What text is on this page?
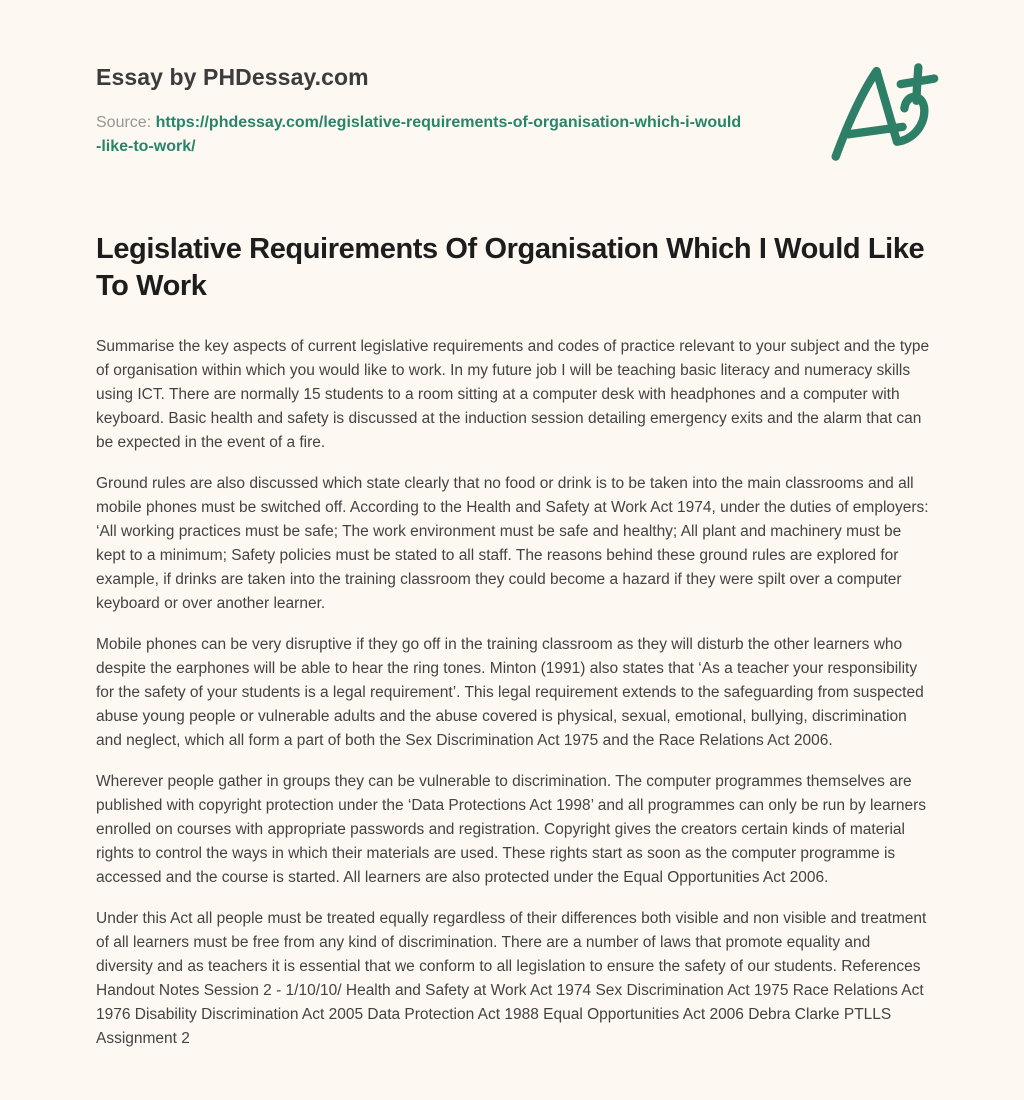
Essay by PHDessay.com

Source: https://phdessay.com/legislative-requirements-of-organisation-which-i-would-like-to-work/

Legislative Requirements Of Organisation Which I Would Like To Work

Summarise the key aspects of current legislative requirements and codes of practice relevant to your subject and the type of organisation within which you would like to work. In my future job I will be teaching basic literacy and numeracy skills using ICT. There are normally 15 students to a room sitting at a computer desk with headphones and a computer with keyboard. Basic health and safety is discussed at the induction session detailing emergency exits and the alarm that can be expected in the event of a fire.

Ground rules are also discussed which state clearly that no food or drink is to be taken into the main classrooms and all mobile phones must be switched off. According to the Health and Safety at Work Act 1974, under the duties of employers: ‘All working practices must be safe; The work environment must be safe and healthy; All plant and machinery must be kept to a minimum; Safety policies must be stated to all staff. The reasons behind these ground rules are explored for example, if drinks are taken into the training classroom they could become a hazard if they were spilt over a computer keyboard or over another learner.

Mobile phones can be very disruptive if they go off in the training classroom as they will disturb the other learners who despite the earphones will be able to hear the ring tones. Minton (1991) also states that ‘As a teacher your responsibility for the safety of your students is a legal requirement’. This legal requirement extends to the safeguarding from suspected abuse young people or vulnerable adults and the abuse covered is physical, sexual, emotional, bullying, discrimination and neglect, which all form a part of both the Sex Discrimination Act 1975 and the Race Relations Act 2006.

Wherever people gather in groups they can be vulnerable to discrimination. The computer programmes themselves are published with copyright protection under the ‘Data Protections Act 1998’ and all programmes can only be run by learners enrolled on courses with appropriate passwords and registration. Copyright gives the creators certain kinds of material rights to control the ways in which their materials are used. These rights start as soon as the computer programme is accessed and the course is started. All learners are also protected under the Equal Opportunities Act 2006.

Under this Act all people must be treated equally regardless of their differences both visible and non visible and treatment of all learners must be free from any kind of discrimination. There are a number of laws that promote equality and diversity and as teachers it is essential that we conform to all legislation to ensure the safety of our students. References Handout Notes Session 2 - 1/10/10/ Health and Safety at Work Act 1974 Sex Discrimination Act 1975 Race Relations Act 1976 Disability Discrimination Act 2005 Data Protection Act 1988 Equal Opportunities Act 2006 Debra Clarke PTLLS Assignment 2
